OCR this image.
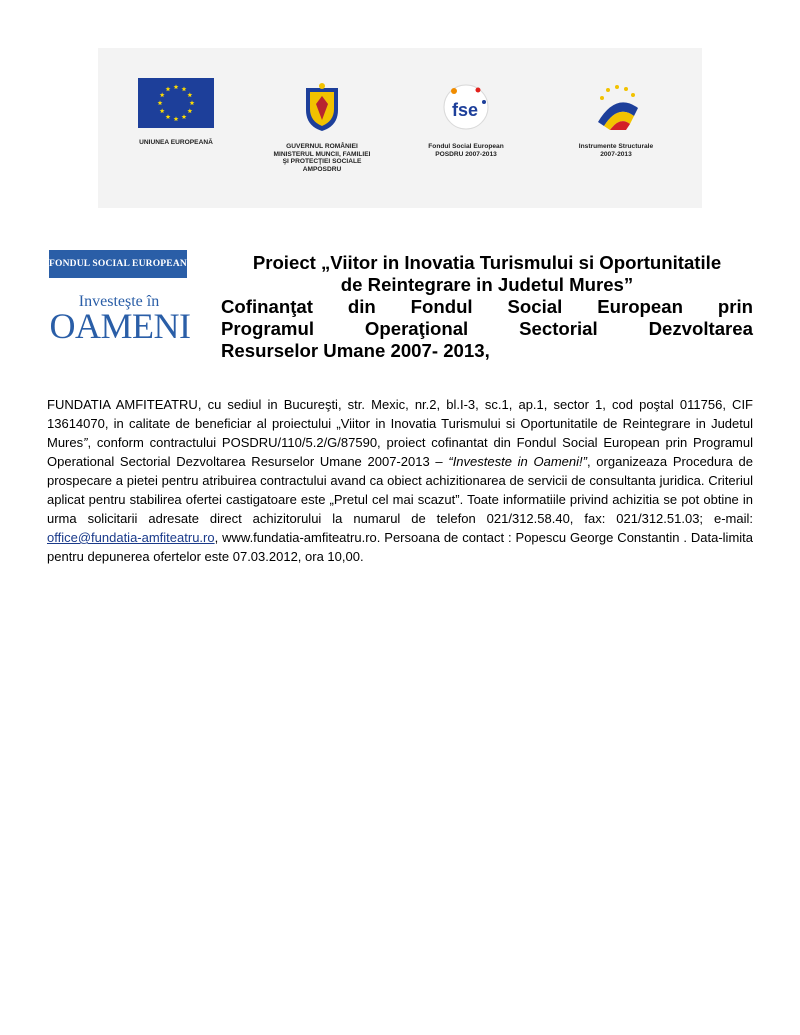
UNIUNEA EUROPEANĂ
GUVERNUL ROMÂNIEI
MINISTERUL MUNCII, FAMILIEI
ŞI PROTECŢIEI SOCIALE
AMPOSDRU
fse
Fondul Social European
POSDRU 2007-2013
Instrumente Structurale
2007-2013
FONDUL SOCIAL EUROPEAN
Investeşte în
OAMENI
Proiect „Viitor in Inovatia Turismului si Oportunitatile
de Reintegrare in Judetul Mures”
Cofinanţat din Fondul Social European prin
Programul	Operaţional	Sectorial	Dezvoltarea
Resurselor Umane 2007- 2013,
FUNDATIA AMFITEATRU, cu sediul in Bucureşti, str. Mexic, nr.2, bl.I-3, sc.1, ap.1, sector 1, cod poştal 011756, CIF 13614070, in calitate de beneficiar al proiectului „Viitor in Inovatia Turismului si Oportunitatile de Reintegrare in Judetul Mures”, conform contractului POSDRU/110/5.2/G/87590, proiect cofinantat din Fondul Social European prin Programul Operational Sectorial Dezvoltarea Resurselor Umane 2007-2013 – “Investeste in Oameni!”, organizeaza Procedura de prospecare a pietei pentru atribuirea contractului avand ca obiect achizitionarea de servicii de consultanta juridica. Criteriul aplicat pentru stabilirea ofertei castigatoare este „Pretul cel mai scazut”. Toate informatiile privind achizitia se pot obtine in urma solicitarii adresate direct achizitorului la numarul de telefon 021/312.58.40, fax: 021/312.51.03; e-mail: office@fundatia-amfiteatru.ro, www.fundatia-amfiteatru.ro. Persoana de contact : Popescu George Constantin . Data-limita pentru depunerea ofertelor este 07.03.2012, ora 10,00.
